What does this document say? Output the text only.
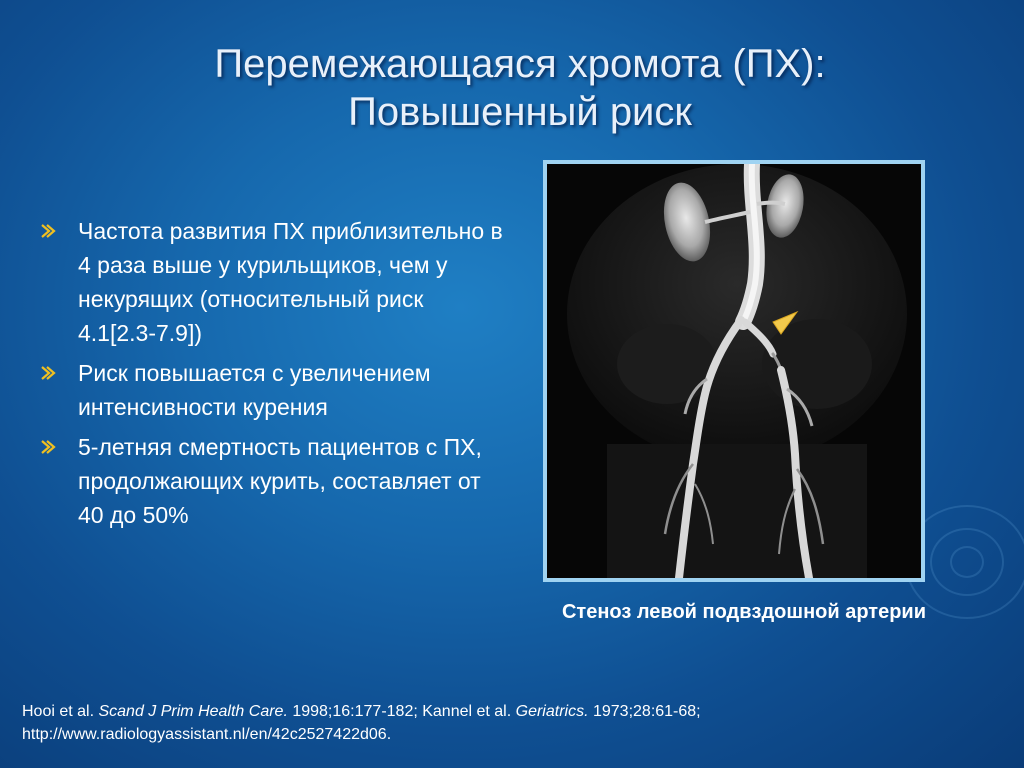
Перемежающаяся хромота (ПХ):
Повышенный риск
Частота развития ПХ приблизительно в 4 раза выше у курильщиков, чем у некурящих (относительный риск 4.1[2.3-7.9])
Риск повышается с увеличением интенсивности курения
5-летняя смертность пациентов с ПХ, продолжающих курить, составляет от 40 до 50%
Стеноз левой подвздошной артерии
Hooi et al. Scand J Prim Health Care. 1998;16:177-182; Kannel et al. Geriatrics. 1973;28:61-68;
http://www.radiologyassistant.nl/en/42c2527422d06.
